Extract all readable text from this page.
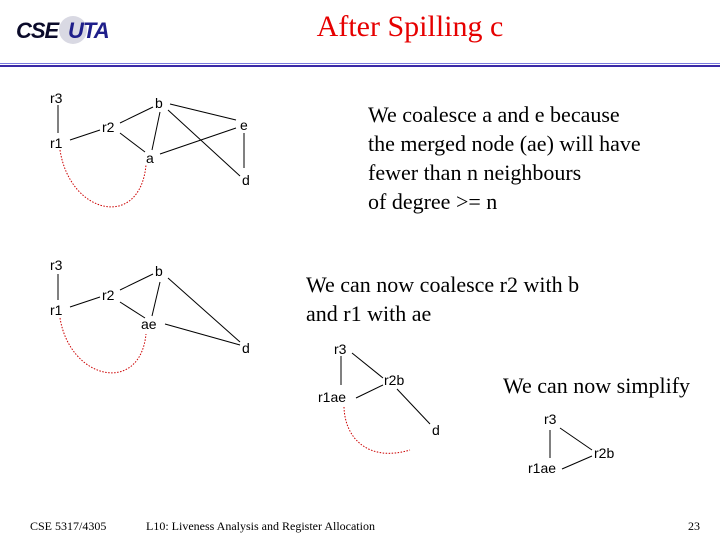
CSE UTA	After Spilling c
r3
r1
r2
b
a
e
d
We coalesce a and e because
the merged node (ae) will have
fewer than n neighbours
of degree >= n
r3
r1
r2
b
ae
d
We can now coalesce r2 with b
and r1 with ae
r3
r2b
r1ae
d
We can now simplify
r3
r2b
r1ae
CSE 5317/4305	L10: Liveness Analysis and Register Allocation	23
